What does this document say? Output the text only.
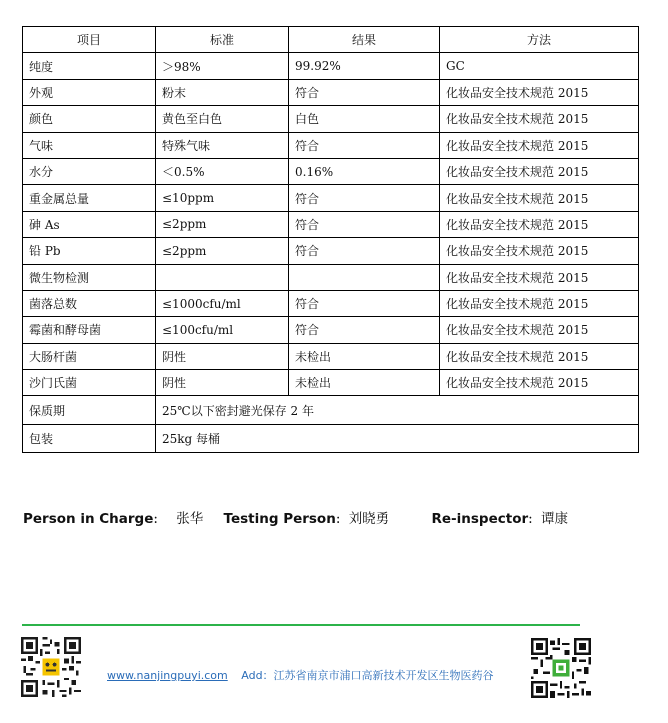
项目	标准	结果	方法
纯度	＞98%	99.92%	GC
外观	粉末	符合	化妆品安全技术规范 2015
颜色	黄色至白色	白色	化妆品安全技术规范 2015
气味	特殊气味	符合	化妆品安全技术规范 2015
水分	＜0.5%	0.16%	化妆品安全技术规范 2015
重金属总量	≤10ppm	符合	化妆品安全技术规范 2015
砷 As	≤2ppm	符合	化妆品安全技术规范 2015
铅 Pb	≤2ppm	符合	化妆品安全技术规范 2015
微生物检测			化妆品安全技术规范 2015
菌落总数	≤1000cfu/ml	符合	化妆品安全技术规范 2015
霉菌和酵母菌	≤100cfu/ml	符合	化妆品安全技术规范 2015
大肠杆菌	阴性	未检出	化妆品安全技术规范 2015
沙门氏菌	阴性	未检出	化妆品安全技术规范 2015
保质期	25℃以下密封避光保存 2 年		
包装	25kg 每桶		
Person in Charge: 张华 Testing Person: 刘晓勇	Re-inspector: 谭康
www.nanjingpuyi.com Add：江苏省南京市浦口高新技术开发区生物医药谷
